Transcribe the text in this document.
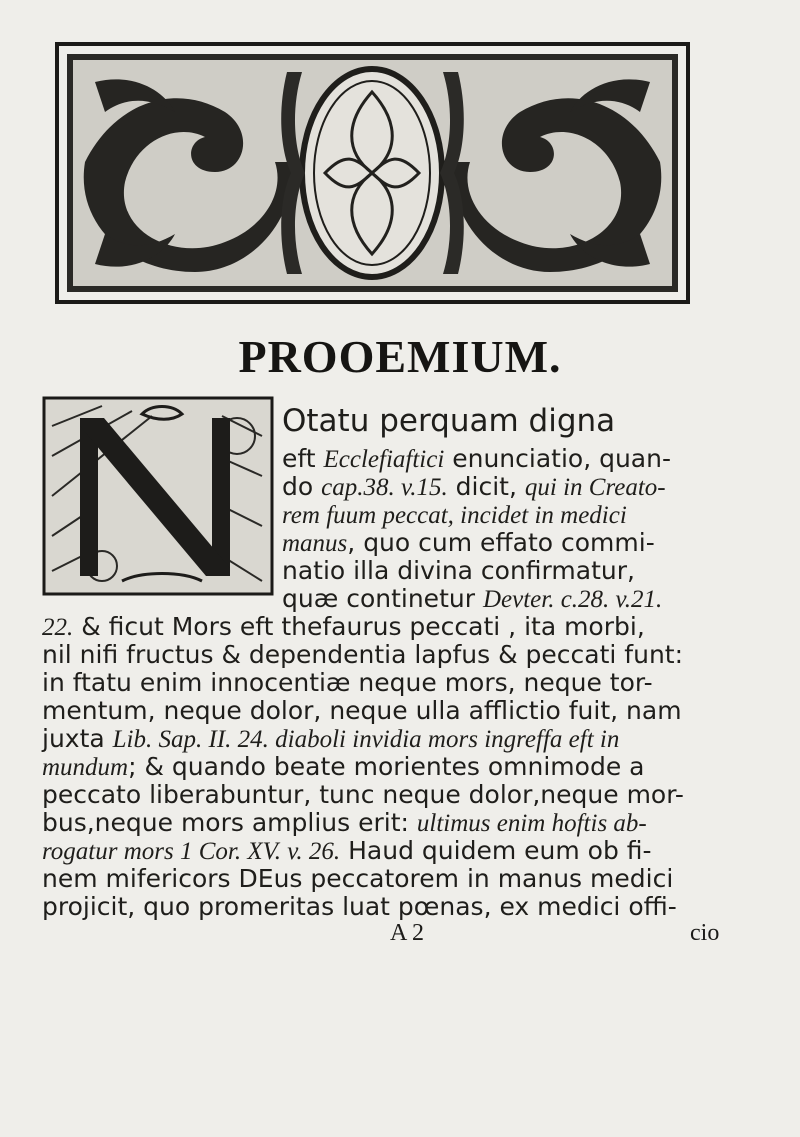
PROOEMIUM.
Otatu perquam digna
eft Ecclefiaftici enunciatio, quan-
do cap.38. v.15. dicit, qui in Creato-
rem fuum peccat, incidet in medici
manus, quo cum effato commi-
natio illa divina confirmatur,
quæ continetur Devter. c.28. v.21.
22. & ficut Mors eft thefaurus peccati , ita morbi,
nil nifi fructus & dependentia lapfus & peccati funt:
in ftatu enim innocentiæ neque mors, neque tor-
mentum, neque dolor, neque ulla afflictio fuit, nam
juxta Lib. Sap. II. 24. diaboli invidia mors ingreffa eft in
mundum; & quando beate morientes omnimode a
peccato liberabuntur, tunc neque dolor,neque mor-
bus,neque mors amplius erit: ultimus enim hoftis ab-
rogatur mors 1 Cor. XV. v. 26. Haud quidem eum ob fi-
nem mifericors DEus peccatorem in manus medici
projicit, quo promeritas luat pœnas, ex medici offi-
A 2	cio
